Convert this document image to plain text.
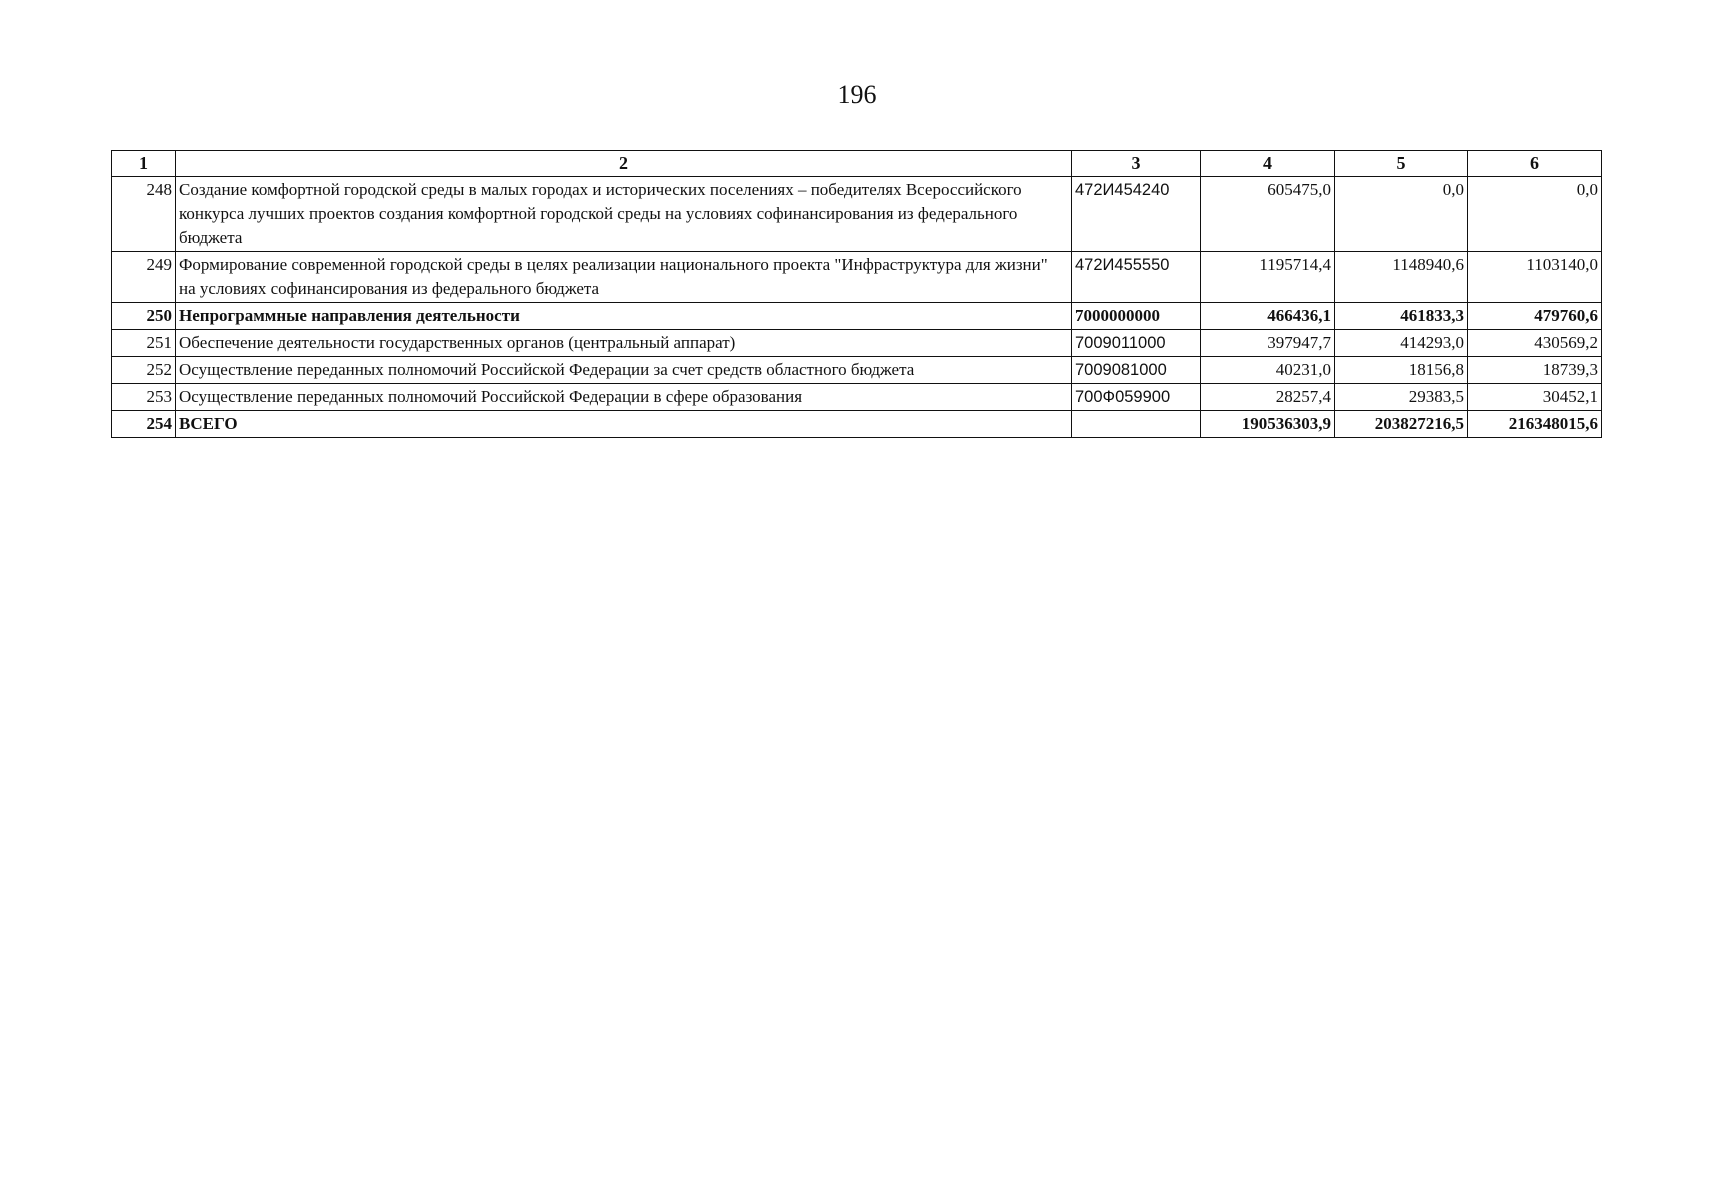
196
1	2	3	4	5	6
248	Создание комфортной городской среды в малых городах и исторических поселениях – победителях Всероссийского конкурса лучших проектов создания комфортной городской среды на условиях софинансирования из федерального бюджета	472И454240	605475,0	0,0	0,0
249	Формирование современной городской среды в целях реализации национального проекта "Инфраструктура для жизни" на условиях софинансирования из федерального бюджета	472И455550	1195714,4	1148940,6	1103140,0
250	Непрограммные направления деятельности	7000000000	466436,1	461833,3	479760,6
251	Обеспечение деятельности государственных органов (центральный аппарат)	7009011000	397947,7	414293,0	430569,2
252	Осуществление переданных полномочий Российской Федерации за счет средств областного бюджета	7009081000	40231,0	18156,8	18739,3
253	Осуществление переданных полномочий Российской Федерации в сфере образования	700Ф059900	28257,4	29383,5	30452,1
254	ВСЕГО		190536303,9	203827216,5	216348015,6
